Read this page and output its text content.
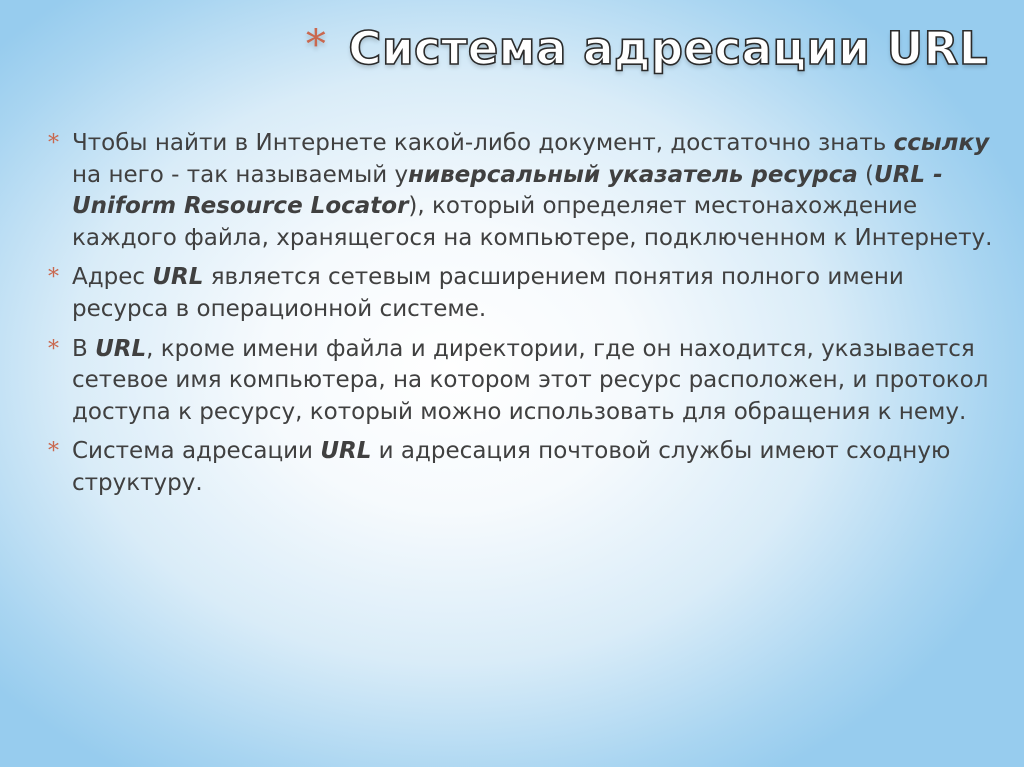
* Система адресации URL
* Чтобы найти в Интернете какой-либо документ, достаточно знать ссылку на него - так называемый универсальный указатель ресурса (URL - Uniform Resource Locator), который определяет местонахождение каждого файла, хранящегося на компьютере, подключенном к Интернету.
* Адрес URL является сетевым расширением понятия полного имени ресурса в операционной системе.
* В URL, кроме имени файла и директории, где он находится, указывается сетевое имя компьютера, на котором этот ресурс расположен, и протокол доступа к ресурсу, который можно использовать для обращения к нему.
* Система адресации URL и адресация почтовой службы имеют сходную структуру.
